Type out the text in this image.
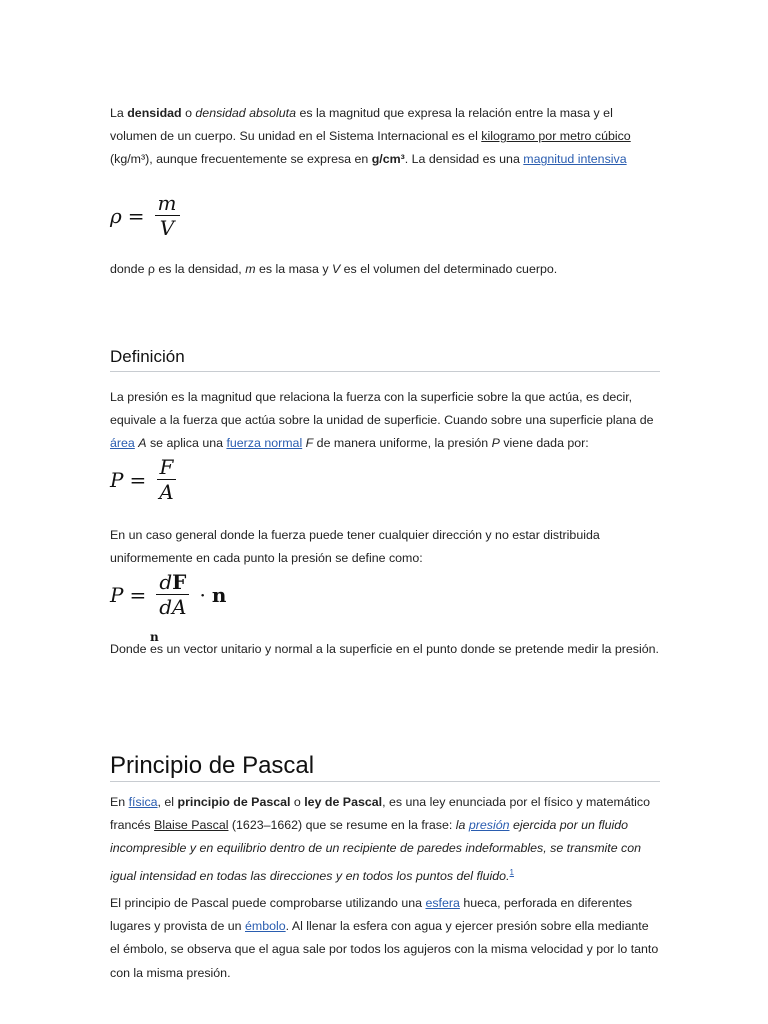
La densidad o densidad absoluta es la magnitud que expresa la relación entre la masa y el volumen de un cuerpo. Su unidad en el Sistema Internacional es el kilogramo por metro cúbico (kg/m³), aunque frecuentemente se expresa en g/cm³. La densidad es una magnitud intensiva

$\rho = \frac{m}{V}$

donde ρ es la densidad, m es la masa y V es el volumen del determinado cuerpo.

Definición

La presión es la magnitud que relaciona la fuerza con la superficie sobre la que actúa, es decir, equivale a la fuerza que actúa sobre la unidad de superficie. Cuando sobre una superficie plana de área A se aplica una fuerza normal F de manera uniforme, la presión P viene dada por:

$P = \frac{F}{A}$

En un caso general donde la fuerza puede tener cualquier dirección y no estar distribuida uniformemente en cada punto la presión se define como:

$P = \frac{dF}{dA} \cdot n$
n

Donde es un vector unitario y normal a la superficie en el punto donde se pretende medir la presión.

Principio de Pascal

En física, el principio de Pascal o ley de Pascal, es una ley enunciada por el físico y matemático francés Blaise Pascal (1623–1662) que se resume en la frase: la presión ejercida por un fluido incompresible y en equilibrio dentro de un recipiente de paredes indeformables, se transmite con igual intensidad en todas las direcciones y en todos los puntos del fluido.$^1$

El principio de Pascal puede comprobarse utilizando una esfera hueca, perforada en diferentes lugares y provista de un émbolo. Al llenar la esfera con agua y ejercer presión sobre ella mediante el émbolo, se observa que el agua sale por todos los agujeros con la misma velocidad y por lo tanto con la misma presión.
